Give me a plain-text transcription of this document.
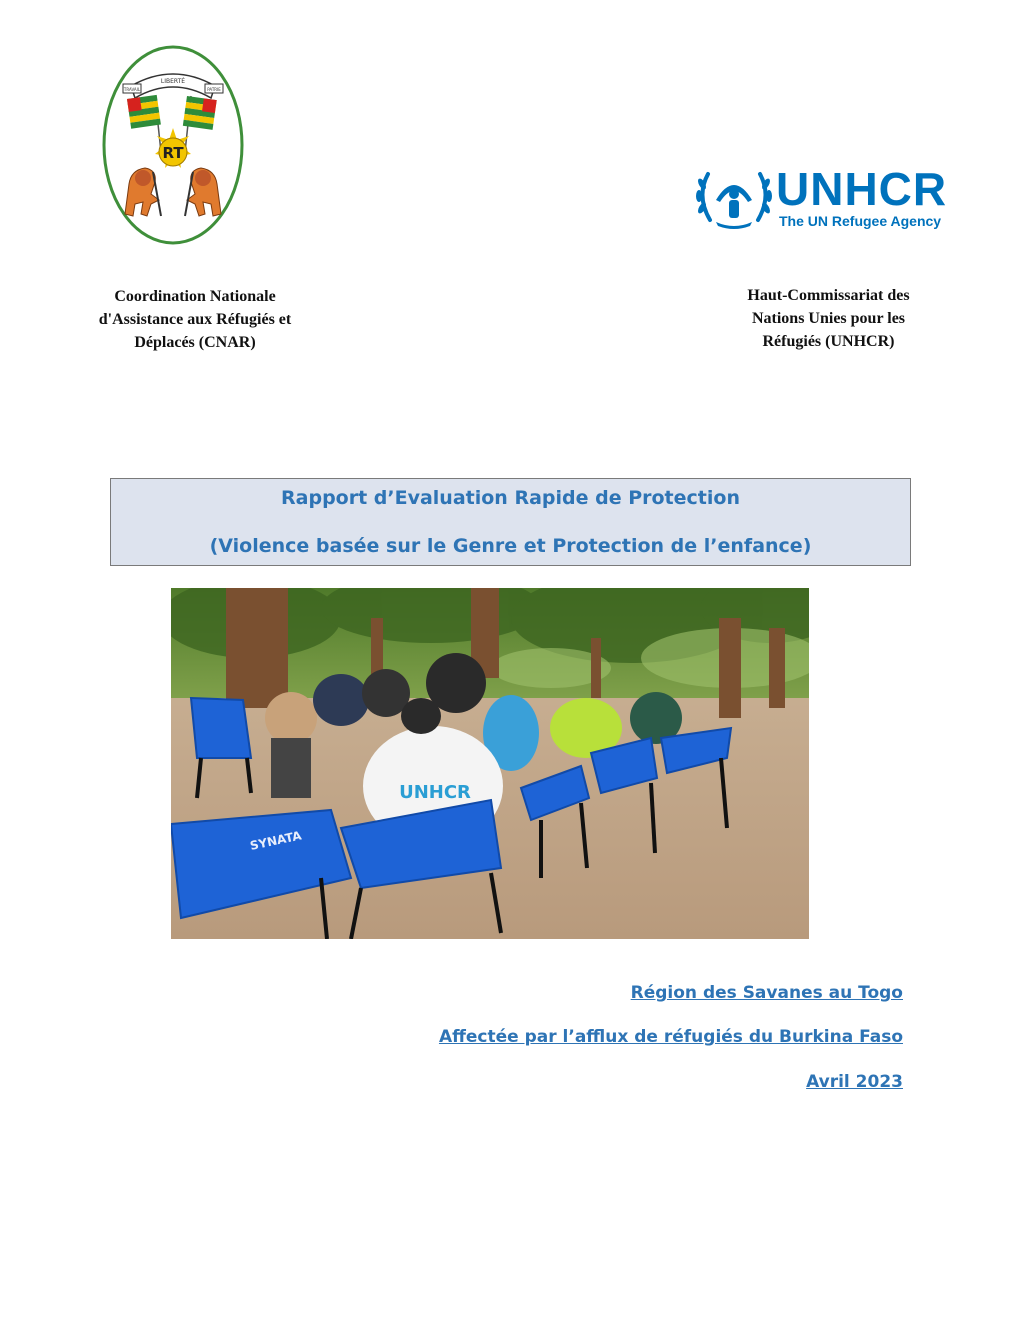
LIBERTÉ
TRAVAIL	PATRIE
RT
UNHCR
The UN Refugee Agency
Coordination Nationale
d'Assistance aux Réfugiés et
Déplacés (CNAR)
Haut-Commissariat des
Nations Unies pour les
Réfugiés (UNHCR)
Rapport d’Evaluation Rapide de Protection
(Violence basée sur le Genre et Protection de l’enfance)
UNHCR
SYNATA
Région des Savanes au Togo
Affectée par l’afflux de réfugiés du Burkina Faso
Avril 2023
